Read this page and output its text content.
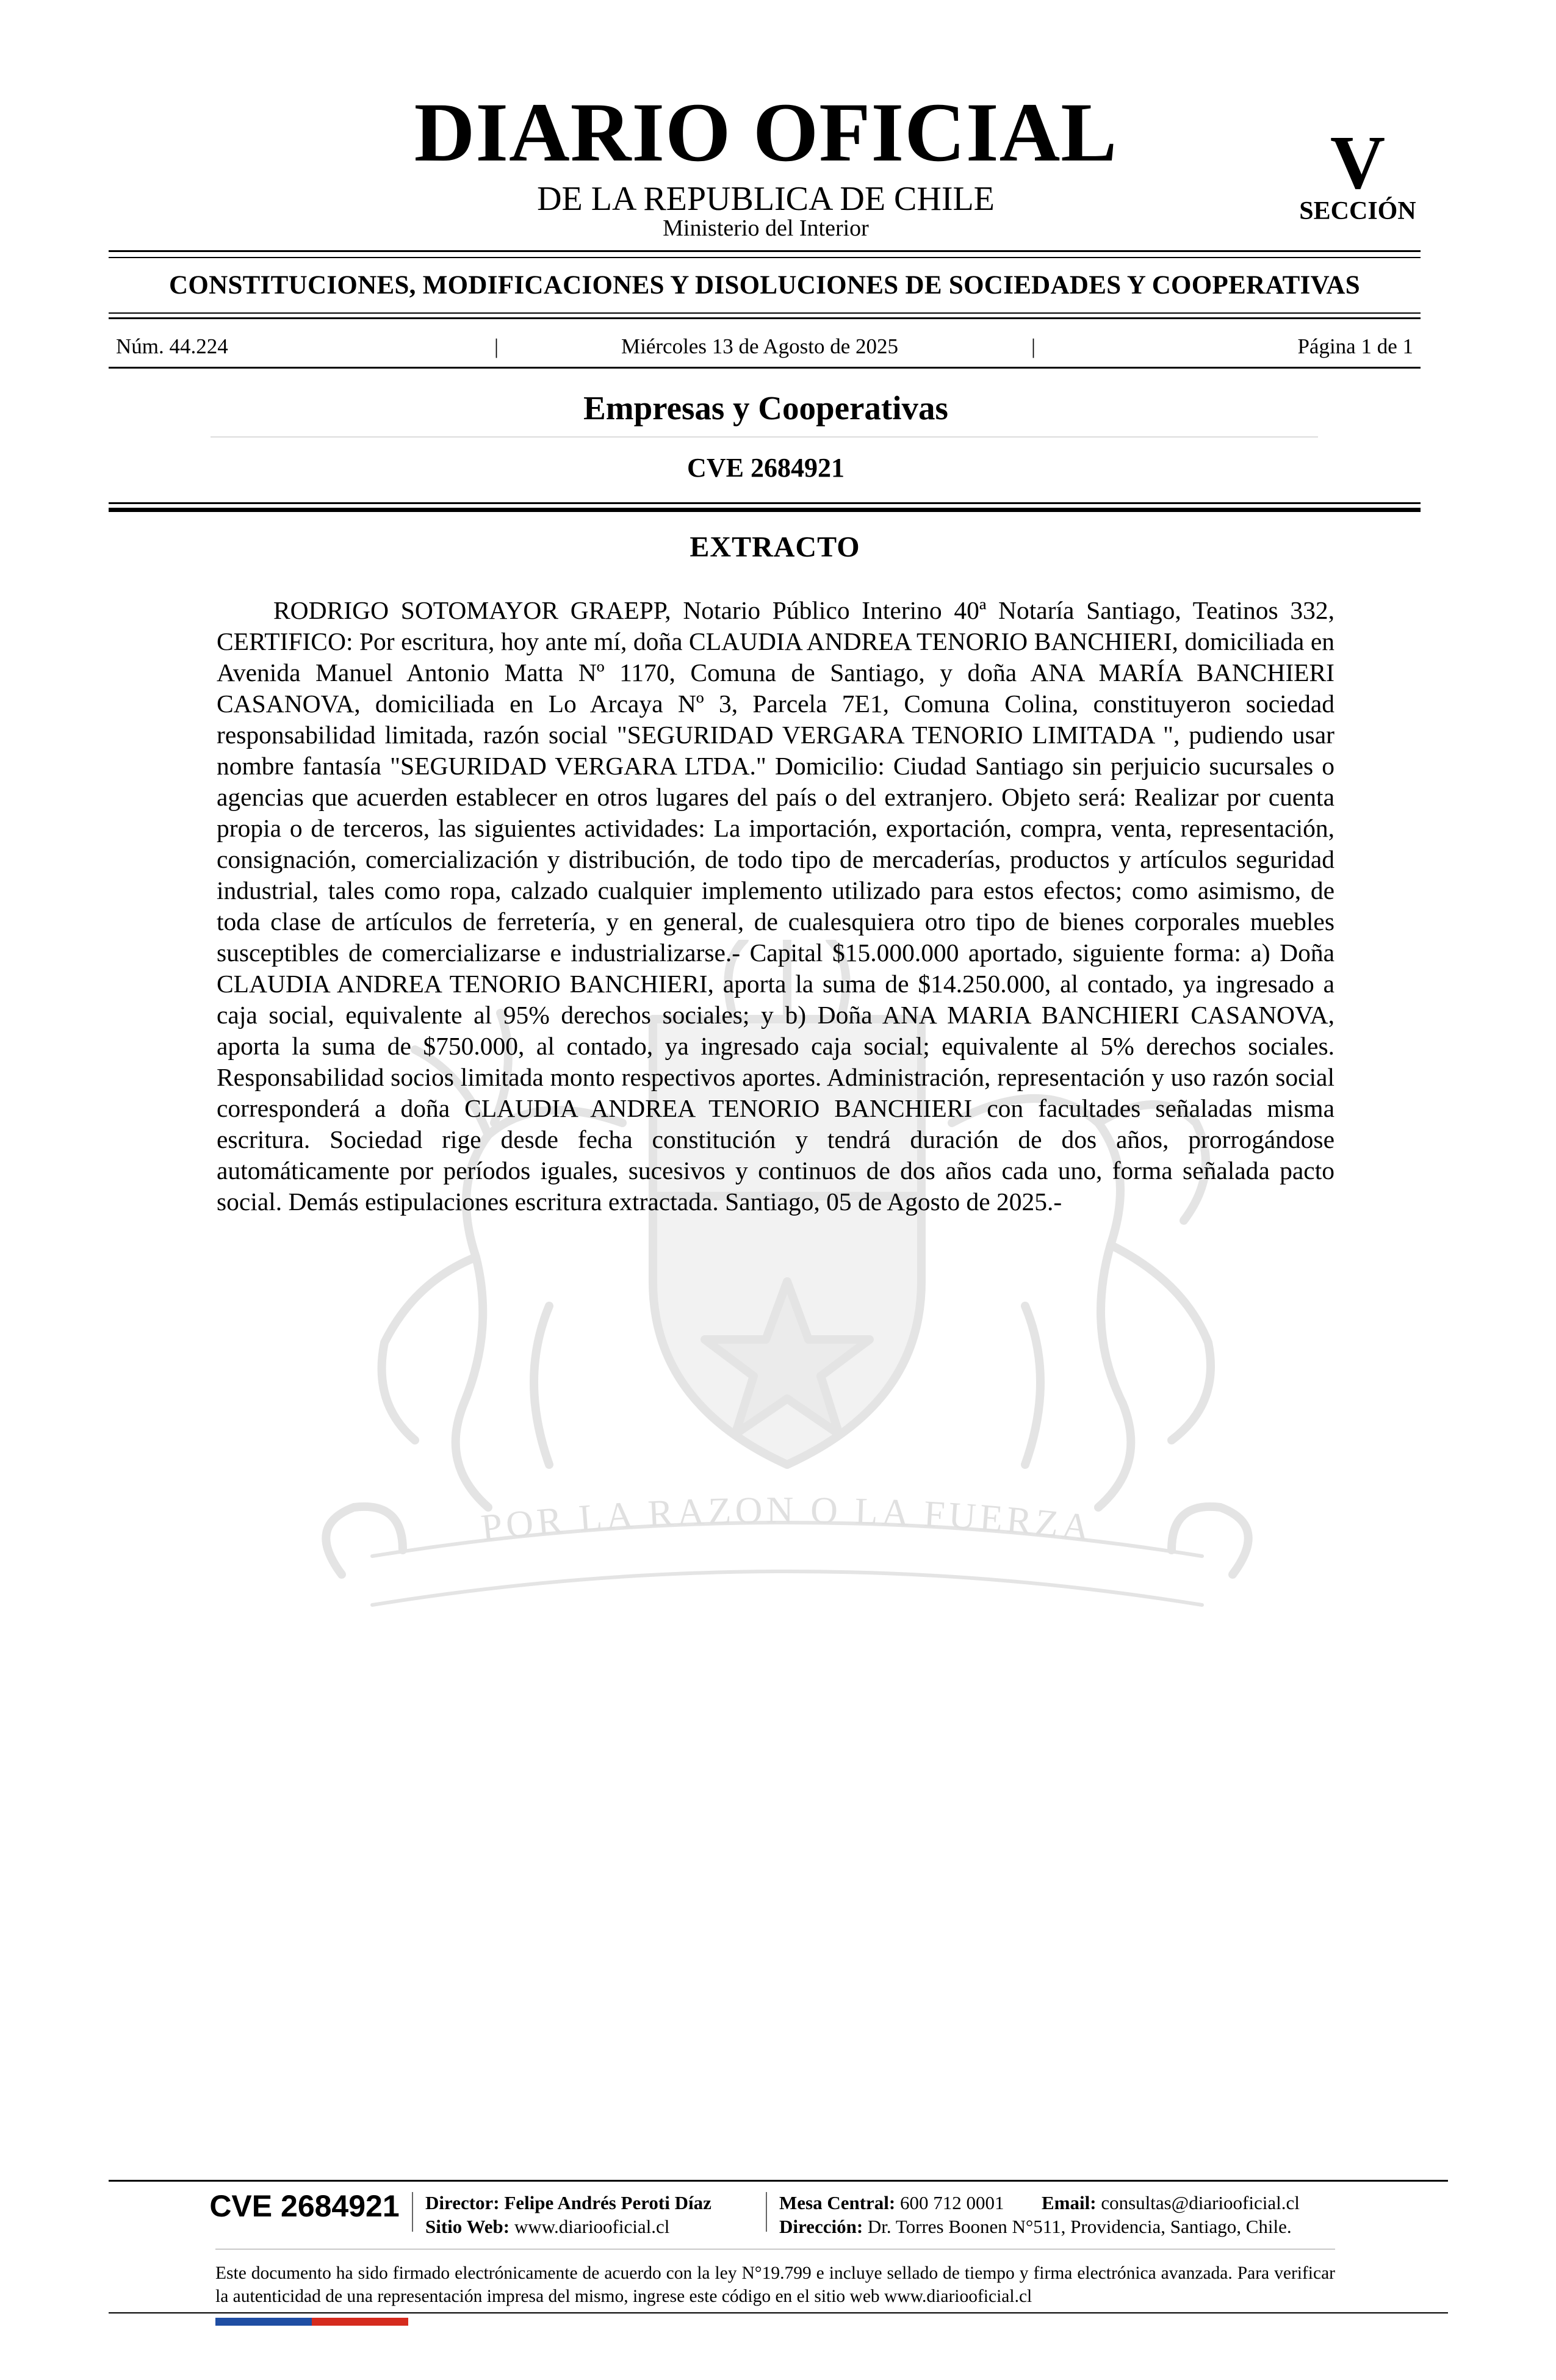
POR LA RAZON O LA FUERZA
DIARIO OFICIAL
DE LA REPUBLICA DE CHILE
Ministerio del Interior
V
SECCIÓN
CONSTITUCIONES, MODIFICACIONES Y DISOLUCIONES DE SOCIEDADES Y COOPERATIVAS
Núm. 44.224	|	Miércoles 13 de Agosto de 2025	|	Página 1 de 1
Empresas y Cooperativas
CVE 2684921
EXTRACTO

RODRIGO SOTOMAYOR GRAEPP, Notario Público Interino 40ª Notaría Santiago, Teatinos 332, CERTIFICO: Por escritura, hoy ante mí, doña CLAUDIA ANDREA TENORIO BANCHIERI, domiciliada en Avenida Manuel Antonio Matta Nº 1170, Comuna de Santiago, y doña ANA MARÍA BANCHIERI CASANOVA, domiciliada en Lo Arcaya Nº 3, Parcela 7E1, Comuna Colina, constituyeron sociedad responsabilidad limitada, razón social "SEGURIDAD VERGARA TENORIO LIMITADA ", pudiendo usar nombre fantasía "SEGURIDAD VERGARA LTDA." Domicilio: Ciudad Santiago sin perjuicio sucursales o agencias que acuerden establecer en otros lugares del país o del extranjero. Objeto será: Realizar por cuenta propia o de terceros, las siguientes actividades: La importación, exportación, compra, venta, representación, consignación, comercialización y distribución, de todo tipo de mercaderías, productos y artículos seguridad industrial, tales como ropa, calzado cualquier implemento utilizado para estos efectos; como asimismo, de toda clase de artículos de ferretería, y en general, de cualesquiera otro tipo de bienes corporales muebles susceptibles de comercializarse e industrializarse.- Capital $15.000.000 aportado, siguiente forma: a) Doña CLAUDIA ANDREA TENORIO BANCHIERI, aporta la suma de $14.250.000, al contado, ya ingresado a caja social, equivalente al 95% derechos sociales; y b) Doña ANA MARIA BANCHIERI CASANOVA, aporta la suma de $750.000, al contado, ya ingresado caja social; equivalente al 5% derechos sociales. Responsabilidad socios limitada monto respectivos aportes. Administración, representación y uso razón social corresponderá a doña CLAUDIA ANDREA TENORIO BANCHIERI con facultades señaladas misma escritura. Sociedad rige desde fecha constitución y tendrá duración de dos años, prorrogándose automáticamente por períodos iguales, sucesivos y continuos de dos años cada uno, forma señalada pacto social. Demás estipulaciones escritura extractada. Santiago, 05 de Agosto de 2025.-

CVE 2684921 Director: Felipe Andrés Peroti Díaz
Sitio Web: www.diariooficial.cl
Mesa Central: 600 712 0001 Email: consultas@diariooficial.cl
Dirección: Dr. Torres Boonen N°511, Providencia, Santiago, Chile.

Este documento ha sido firmado electrónicamente de acuerdo con la ley N°19.799 e incluye sellado de tiempo y firma electrónica avanzada. Para verificar la autenticidad de una representación impresa del mismo, ingrese este código en el sitio web www.diariooficial.cl
